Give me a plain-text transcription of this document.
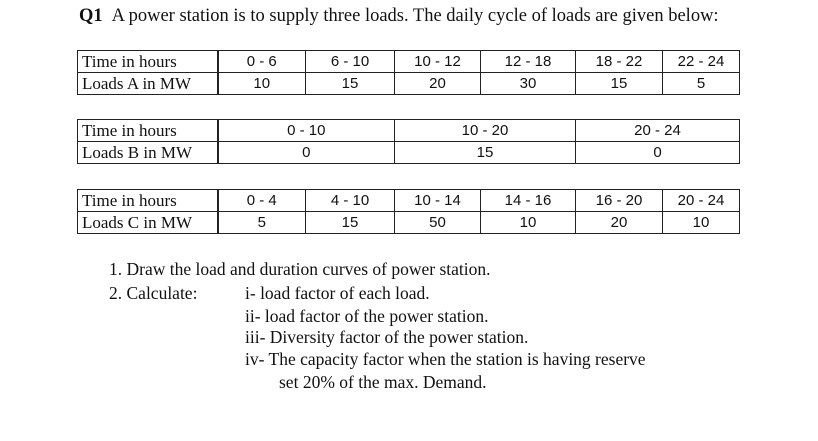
Q1 A power station is to supply three loads. The daily cycle of loads are given below:
Time in hours	0 - 6	6 - 10	10 - 12	12 - 18	18 - 22	22 - 24
Loads A in MW	10	15	20	30	15	5
Time in hours	0 - 10	10 - 20	20 - 24
Loads B in MW	0	15	0
Time in hours	0 - 4	4 - 10	10 - 14	14 - 16	16 - 20	20 - 24
Loads C in MW	5	15	50	10	20	10
1. Draw the load and duration curves of power station.
2. Calculate:	i- load factor of each load.
ii- load factor of the power station.
iii- Diversity factor of the power station.
iv- The capacity factor when the station is having reserve
set 20% of the max. Demand.
